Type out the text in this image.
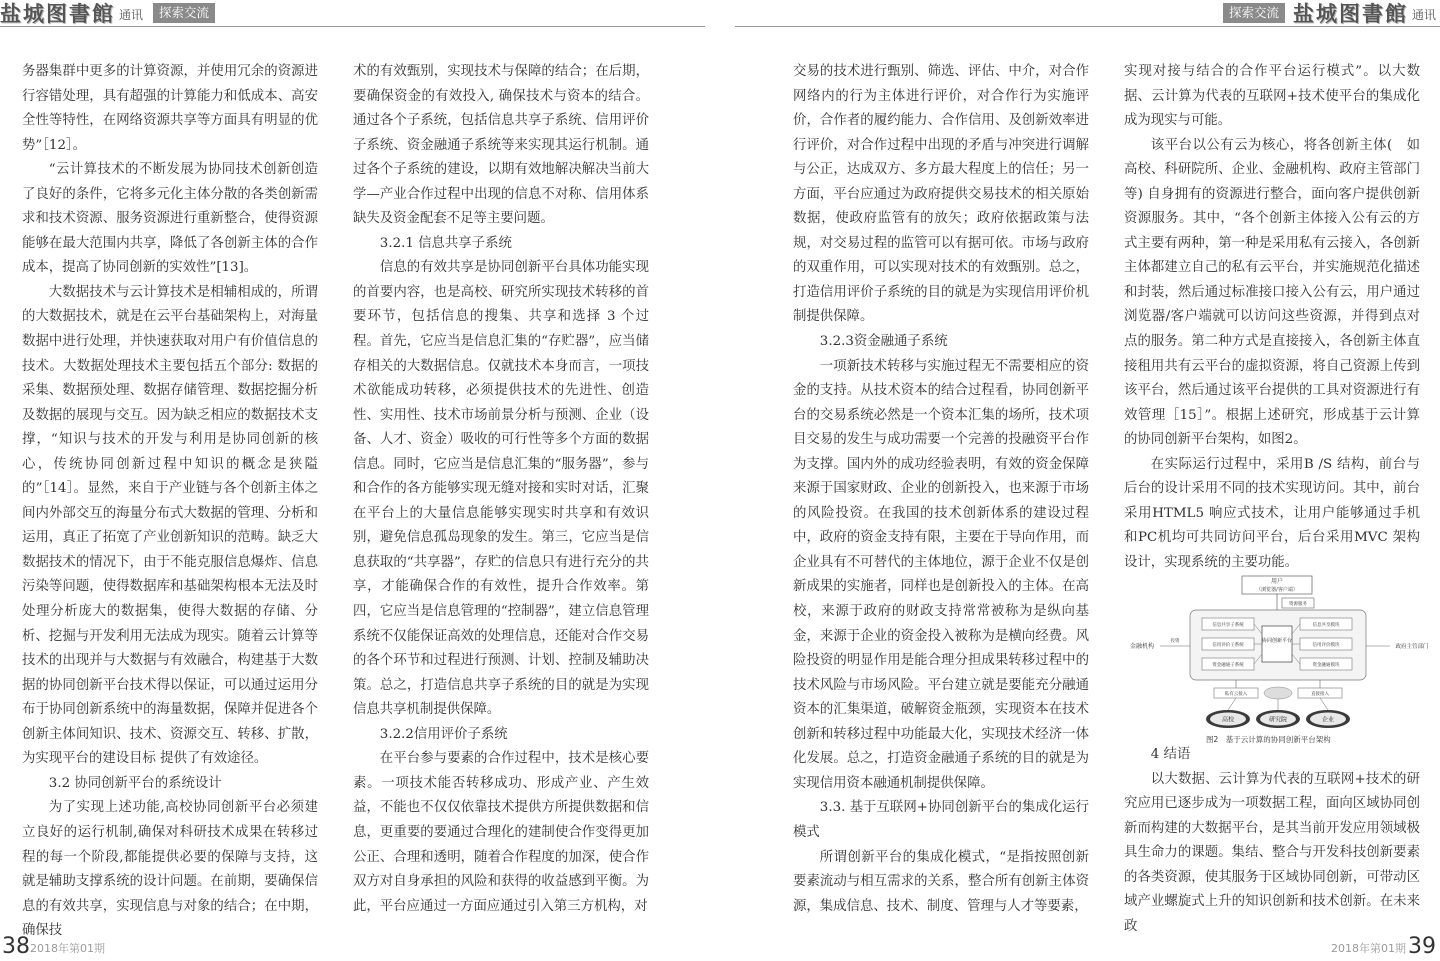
盐城图書館 通讯	探索交流	探索交流 盐城图書館 通讯

务器集群中更多的计算资源，并使用冗余的资源进行容错处理，具有超强的计算能力和低成本、高安全性等特性，在网络资源共享等方面具有明显的优势”［12］。

“云计算技术的不断发展为协同技术创新创造了良好的条件，它将多元化主体分散的各类创新需求和技术资源、服务资源进行重新整合，使得资源能够在最大范围内共享，降低了各创新主体的合作成本，提高了协同创新的实效性”[13]。

大数据技术与云计算技术是相辅相成的，所谓的大数据技术，就是在云平台基础架构上，对海量数据中进行处理，并快速获取对用户有价值信息的技术。大数据处理技术主要包括五个部分: 数据的采集、数据预处理、数据存储管理、数据挖掘分析及数据的展现与交互。因为缺乏相应的数据技术支撑，“知识与技术的开发与利用是协同创新的核心，传统协同创新过程中知识的概念是狭隘的”［14］。显然，来自于产业链与各个创新主体之间内外部交互的海量分布式大数据的管理、分析和运用，真正了拓宽了产业创新知识的范畴。缺乏大数据技术的情况下，由于不能克服信息爆炸、信息污染等问题，使得数据库和基础架构根本无法及时处理分析庞大的数据集，使得大数据的存储、分析、挖掘与开发利用无法成为现实。随着云计算等技术的出现并与大数据与有效融合，构建基于大数据的协同创新平台技术得以保证，可以通过运用分布于协同创新系统中的海量数据，保障并促进各个创新主体间知识、技术、资源交互、转移、扩散，为实现平台的建设目标 提供了有效途径。

3.2 协同创新平台的系统设计

为了实现上述功能,高校协同创新平台必须建立良好的运行机制,确保对科研技术成果在转移过程的每一个阶段,都能提供必要的保障与支持，这就是辅助支撑系统的设计问题。在前期，要确保信息的有效共享，实现信息与对象的结合；在中期，确保技

术的有效甄别，实现技术与保障的结合；在后期，要确保资金的有效投入, 确保技术与资本的结合。通过各个子系统，包括信息共享子系统、信用评价子系统、资金融通子系统等来实现其运行机制。通过各个子系统的建设，以期有效地解决解决当前大学—产业合作过程中出现的信息不对称、信用体系缺失及资金配套不足等主要问题。

3.2.1 信息共享子系统

信息的有效共享是协同创新平台具体功能实现的首要内容，也是高校、研究所实现技术转移的首要环节，包括信息的搜集、共享和选择 3 个过程。首先，它应当是信息汇集的“存贮器”，应当储存相关的大数据信息。仅就技术本身而言，一项技术欲能成功转移，必须提供技术的先进性、创造性、实用性、技术市场前景分析与预测、企业（设备、人才、资金）吸收的可行性等多个方面的数据信息。同时，它应当是信息汇集的“服务器”，参与和合作的各方能够实现无缝对接和实时对话，汇聚在平台上的大量信息能够实现实时共享和有效识别，避免信息孤岛现象的发生。第三，它应当是信息获取的“共享器”，存贮的信息只有进行充分的共享，才能确保合作的有效性，提升合作效率。第四，它应当是信息管理的“控制器”，建立信息管理系统不仅能保证高效的处理信息，还能对合作交易的各个环节和过程进行预测、计划、控制及辅助决策。总之，打造信息共享子系统的目的就是为实现信息共享机制提供保障。

3.2.2信用评价子系统

在平台参与要素的合作过程中，技术是核心要素。一项技术能否转移成功、形成产业、产生效益，不能也不仅仅依靠技术提供方所提供数据和信息，更重要的要通过合理化的建制使合作变得更加公正、合理和透明，随着合作程度的加深，使合作双方对自身承担的风险和获得的收益感到平衡。为此，平台应通过一方面应通过引入第三方机构，对

交易的技术进行甄别、筛选、评估、中介，对合作网络内的行为主体进行评价，对合作行为实施评价，合作者的履约能力、合作信用、及创新效率进行评价，对合作过程中出现的矛盾与冲突进行调解与公正，达成双方、多方最大程度上的信任；另一方面，平台应通过为政府提供交易技术的相关原始数据，使政府监管有的放矢；政府依据政策与法规，对交易过程的监管可以有据可依。市场与政府的双重作用，可以实现对技术的有效甄别。总之，打造信用评价子系统的目的就是为实现信用评价机制提供保障。

3.2.3资金融通子系统

一项新技术转移与实施过程无不需要相应的资金的支持。从技术资本的结合过程看，协同创新平台的交易系统必然是一个资本汇集的场所，技术项目交易的发生与成功需要一个完善的投融资平台作为支撑。国内外的成功经验表明，有效的资金保障来源于国家财政、企业的创新投入，也来源于市场的风险投资。在我国的技术创新体系的建设过程中，政府的资金支持有限，主要在于导向作用，而企业具有不可替代的主体地位，源于企业不仅是创新成果的实施者，同样也是创新投入的主体。在高校，来源于政府的财政支持常常被称为是纵向基金，来源于企业的资金投入被称为是横向经费。风险投资的明显作用是能合理分担成果转移过程中的技术风险与市场风险。平台建立就是要能充分融通资本的汇集渠道，破解资金瓶颈，实现资本在技术创新和转移过程中功能最大化，实现技术经济一体化发展。总之，打造资金融通子系统的目的就是为实现信用资本融通机制提供保障。

3.3. 基于互联网+协同创新平台的集成化运行模式

所谓创新平台的集成化模式，“是指按照创新要素流动与相互需求的关系，整合所有创新主体资源，集成信息、技术、制度、管理与人才等要素，

实现对接与结合的合作平台运行模式”。以大数据、云计算为代表的互联网+技术使平台的集成化成为现实与可能。

该平台以公有云为核心，将各创新主体(　如高校、科研院所、企业、金融机构、政府主管部门等) 自身拥有的资源进行整合，面向客户提供创新资源服务。其中，“各个创新主体接入公有云的方式主要有两种，第一种是采用私有云接入，各创新主体都建立自己的私有云平台，并实施规范化描述和封装，然后通过标准接口接入公有云，用户通过浏览器/客户端就可以访问这些资源，并得到点对点的服务。第二种方式是直接接入，各创新主体直接租用共有云平台的虚拟资源，将自己资源上传到该平台，然后通过该平台提供的工具对资源进行有效管理［15］”。根据上述研究，形成基于云计算的协同创新平台架构，如图2。

在实际运行过程中，采用B /S 结构，前台与后台的设计采用不同的技术实现访问。其中，前台采用HTML5 响应式技术，让用户能够通过手机和PC机均可共同访问平台，后台采用MVC 架构设计，实现系统的主要功能。

用户
（浏览器/客户端）
资源服务
信息共享子系统
信用评价子系统
资金融通子系统
协同创新平台
信息共享模块
信用评价模块
资金融通模块
金融机构
投资
政府主管部门
私有云接入	直接接入
高校	研究院	企业
图2　基于云计算的协同创新平台架构

4 结语

以大数据、云计算为代表的互联网+技术的研究应用已逐步成为一项数据工程，面向区域协同创新而构建的大数据平台，是其当前开发应用领域极具生命力的课题。集结、整合与开发科技创新要素的各类资源，使其服务于区域协同创新，可带动区域产业螺旋式上升的知识创新和技术创新。在未来政

38 2018年第01期	2018年第01期 39
